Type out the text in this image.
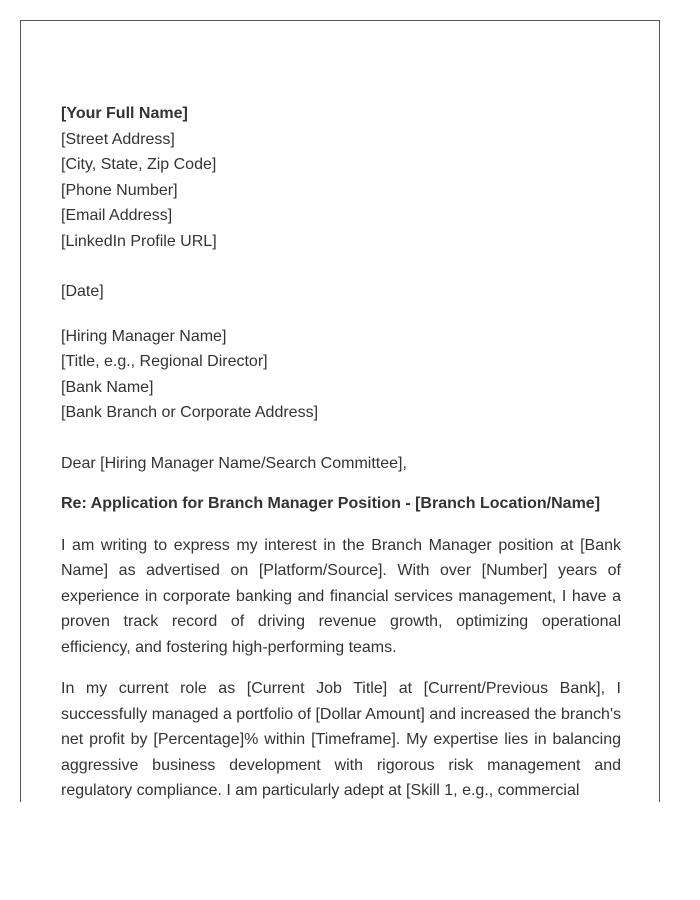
[Your Full Name]

[Street Address]

[City, State, Zip Code]

[Phone Number]

[Email Address]

[LinkedIn Profile URL]

[Date]

[Hiring Manager Name]

[Title, e.g., Regional Director]

[Bank Name]

[Bank Branch or Corporate Address]

Dear [Hiring Manager Name/Search Committee],

Re: Application for Branch Manager Position - [Branch Location/Name]

I am writing to express my interest in the Branch Manager position at [Bank Name] as advertised on [Platform/Source]. With over [Number] years of experience in corporate banking and financial services management, I have a proven track record of driving revenue growth, optimizing operational efficiency, and fostering high-performing teams.

In my current role as [Current Job Title] at [Current/Previous Bank], I successfully managed a portfolio of [Dollar Amount] and increased the branch's net profit by [Percentage]% within [Timeframe]. My expertise lies in balancing aggressive business development with rigorous risk management and regulatory compliance. I am particularly adept at [Skill 1, e.g., commercial
